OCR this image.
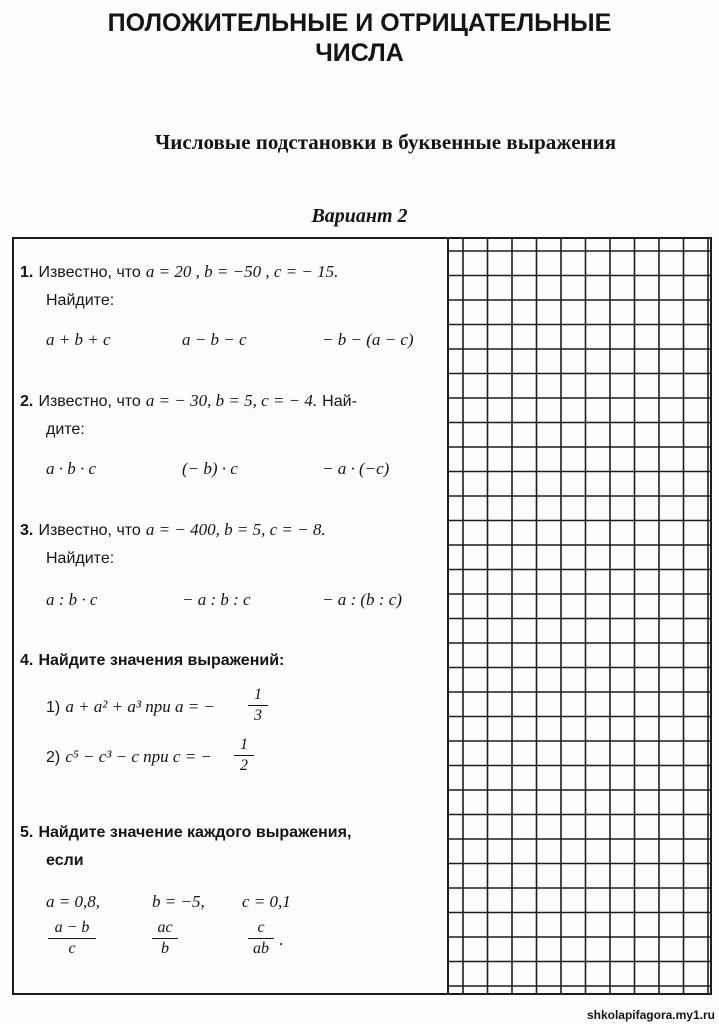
ПОЛОЖИТЕЛЬНЫЕ И ОТРИЦАТЕЛЬНЫЕ
ЧИСЛА
Числовые подстановки в буквенные выражения
Вариант 2
1. Известно, что a = 20 , b = −50 , c = − 15.
Найдите:
a + b + c	a − b − c	− b − (a − c)
2. Известно, что a = − 30, b = 5, c = − 4. Най-
дите:
a · b · c	(− b) · c	− a · (−c)
3. Известно, что a = − 400, b = 5, c = − 8.
Найдите:
a : b · c	− a : b : c	− a : (b : c)
4. Найдите значения выражений:
1) a + a² + a³ при a = − $\frac{1}{3}$
2) c⁵ − c³ − c при c = − $\frac{1}{2}$
5. Найдите значение каждого выражения,
если
a = 0,8,	b = −5, c = 0,1
$\frac{a - b}{c}$	$\frac{ac}{b}$	$\frac{c}{ab}$ .
shkolapifagora.my1.ru
